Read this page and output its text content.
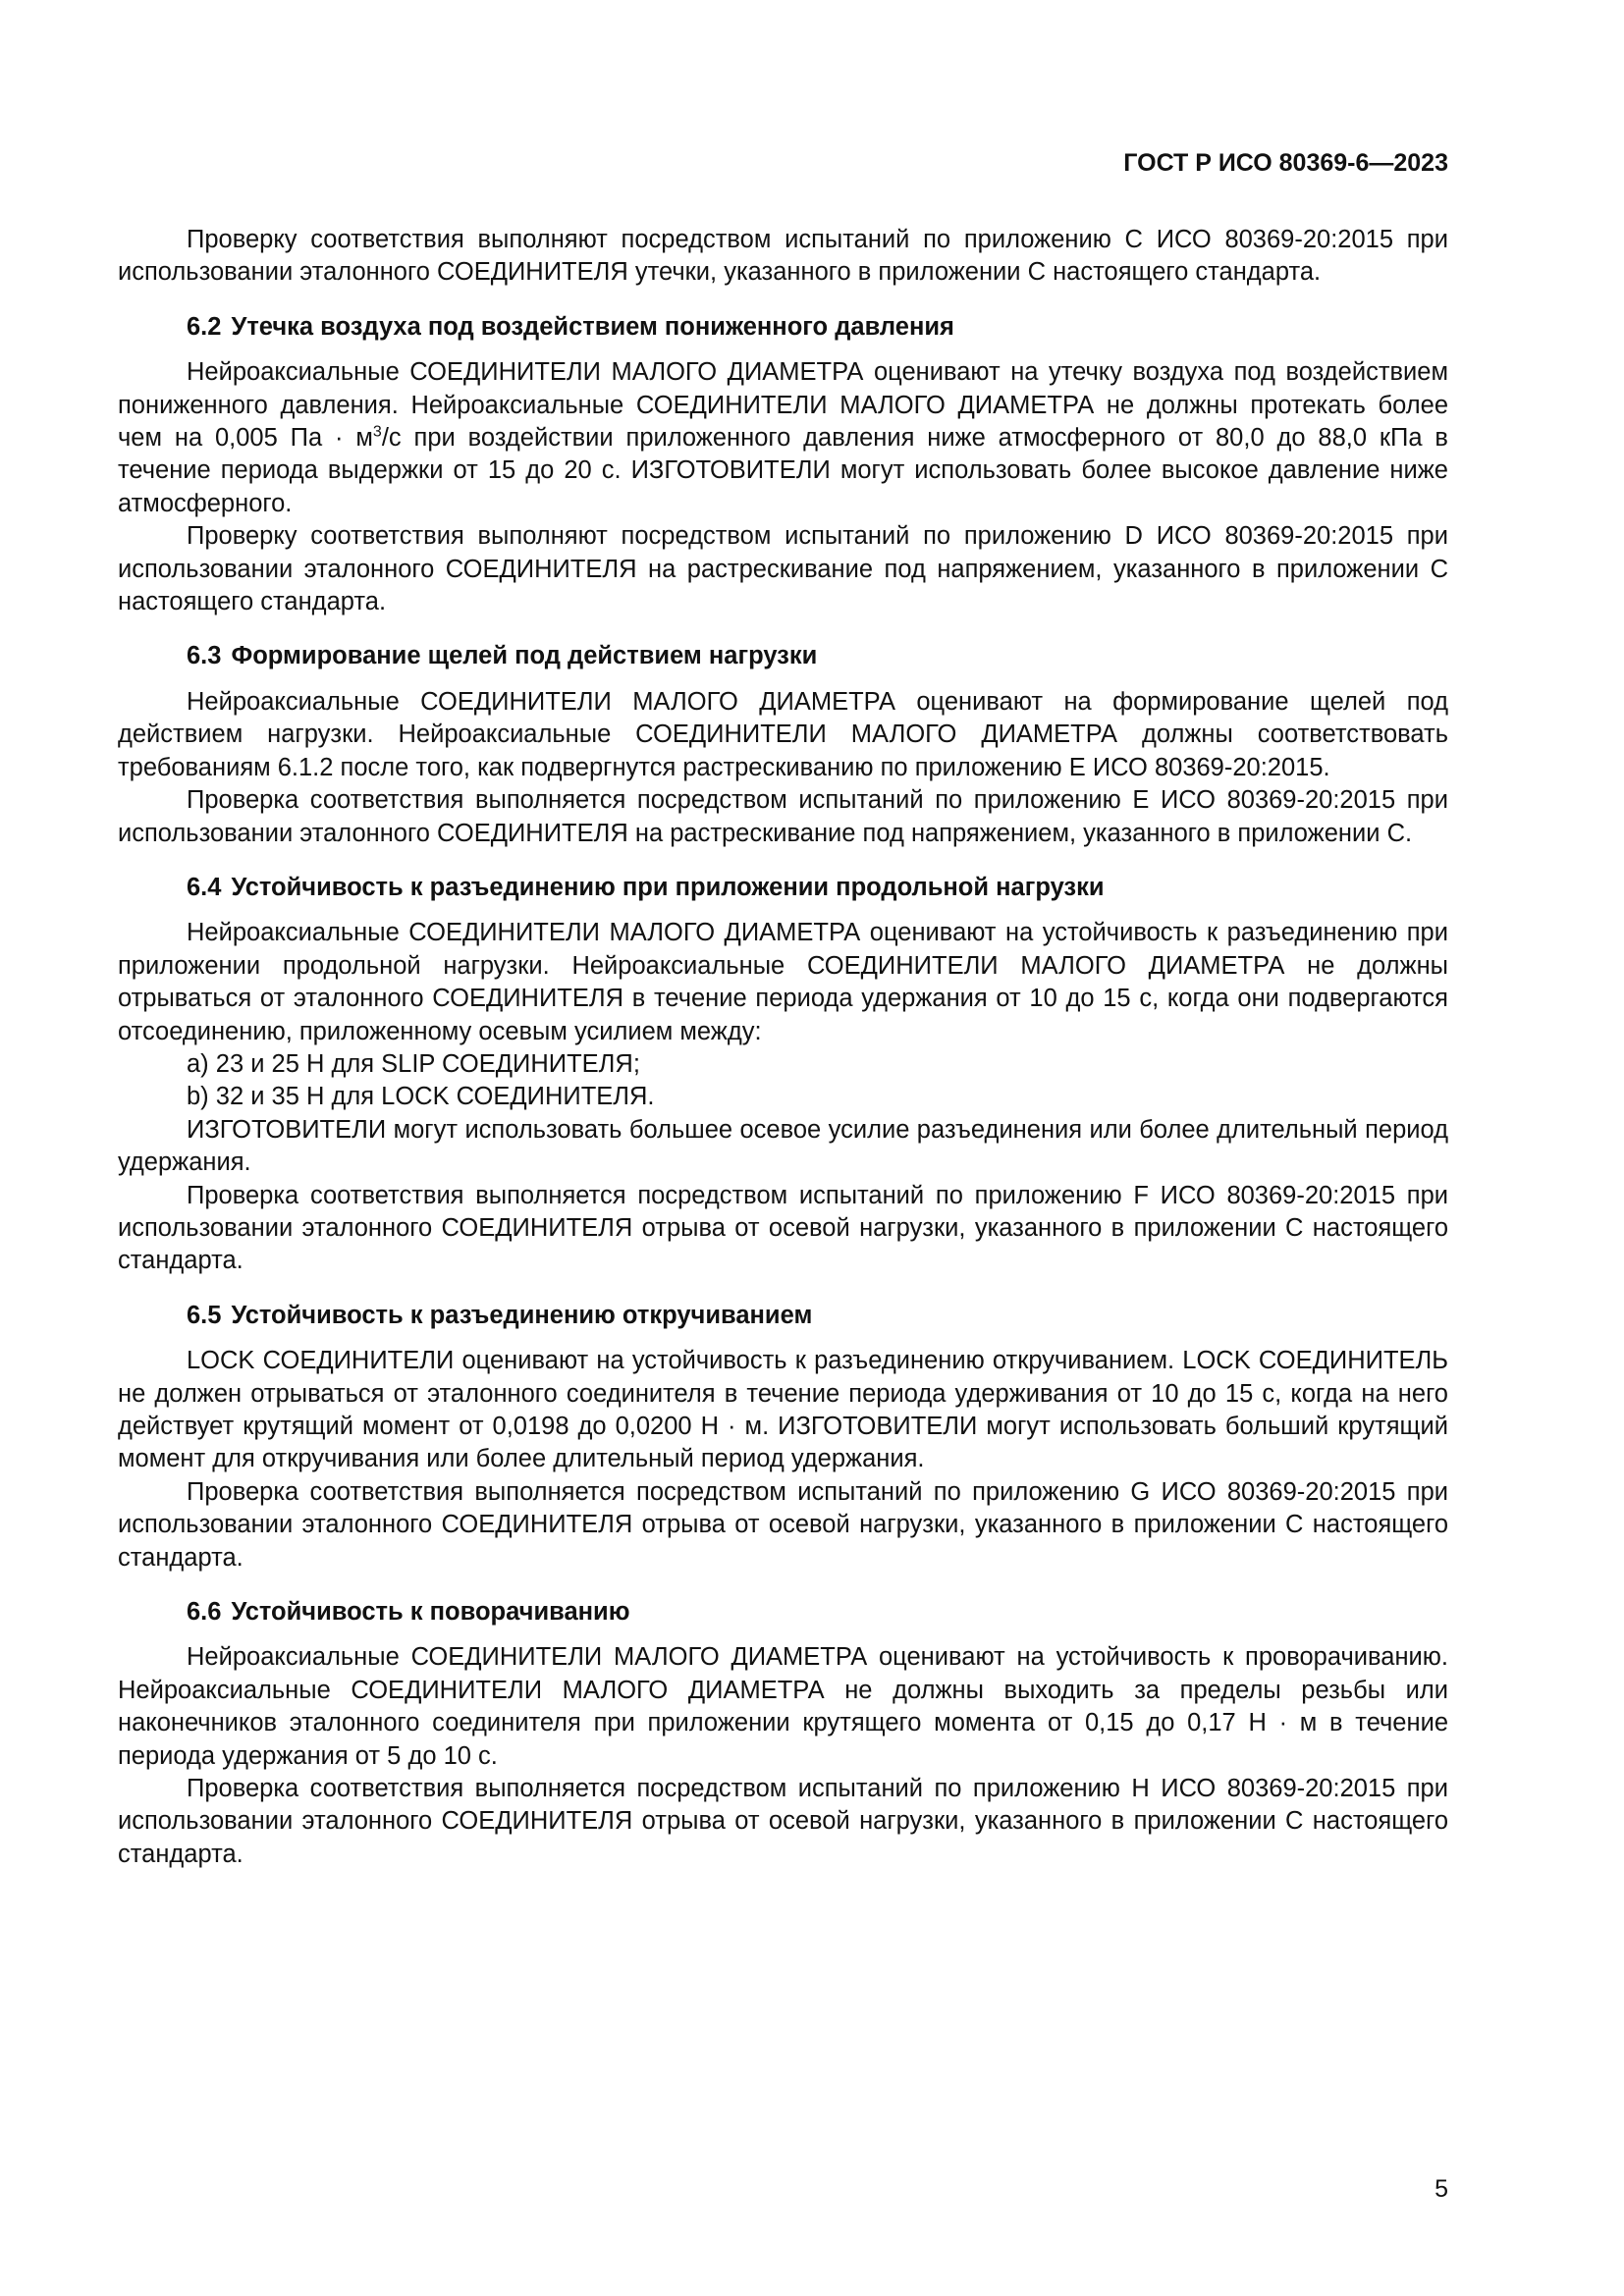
ГОСТ Р ИСО 80369-6—2023

Проверку соответствия выполняют посредством испытаний по приложению С ИСО 80369-20:2015 при использовании эталонного СОЕДИНИТЕЛЯ утечки, указанного в приложении С настоящего стандарта.

6.2 Утечка воздуха под воздействием пониженного давления

Нейроаксиальные СОЕДИНИТЕЛИ МАЛОГО ДИАМЕТРА оценивают на утечку воздуха под воздействием пониженного давления. Нейроаксиальные СОЕДИНИТЕЛИ МАЛОГО ДИАМЕТРА не должны протекать более чем на 0,005 Па · $м^3/с$ при воздействии приложенного давления ниже атмосферного от 80,0 до 88,0 кПа в течение периода выдержки от 15 до 20 с. ИЗГОТОВИТЕЛИ могут использовать более высокое давление ниже атмосферного.

Проверку соответствия выполняют посредством испытаний по приложению D ИСО 80369-20:2015 при использовании эталонного СОЕДИНИТЕЛЯ на растрескивание под напряжением, указанного в приложении С настоящего стандарта.

6.3 Формирование щелей под действием нагрузки

Нейроаксиальные СОЕДИНИТЕЛИ МАЛОГО ДИАМЕТРА оценивают на формирование щелей под действием нагрузки. Нейроаксиальные СОЕДИНИТЕЛИ МАЛОГО ДИАМЕТРА должны соответствовать требованиям 6.1.2 после того, как подвергнутся растрескиванию по приложению Е ИСО 80369-20:2015.

Проверка соответствия выполняется посредством испытаний по приложению Е ИСО 80369-20:2015 при использовании эталонного СОЕДИНИТЕЛЯ на растрескивание под напряжением, указанного в приложении С.

6.4 Устойчивость к разъединению при приложении продольной нагрузки

Нейроаксиальные СОЕДИНИТЕЛИ МАЛОГО ДИАМЕТРА оценивают на устойчивость к разъединению при приложении продольной нагрузки. Нейроаксиальные СОЕДИНИТЕЛИ МАЛОГО ДИАМЕТРА не должны отрываться от эталонного СОЕДИНИТЕЛЯ в течение периода удержания от 10 до 15 с, когда они подвергаются отсоединению, приложенному осевым усилием между:

a) 23 и 25 Н для SLIP СОЕДИНИТЕЛЯ;

b) 32 и 35 Н для LOCK СОЕДИНИТЕЛЯ.

ИЗГОТОВИТЕЛИ могут использовать большее осевое усилие разъединения или более длительный период удержания.

Проверка соответствия выполняется посредством испытаний по приложению F ИСО 80369-20:2015 при использовании эталонного СОЕДИНИТЕЛЯ отрыва от осевой нагрузки, указанного в приложении С настоящего стандарта.

6.5 Устойчивость к разъединению откручиванием

LOCK СОЕДИНИТЕЛИ оценивают на устойчивость к разъединению откручиванием. LOCK СОЕДИНИТЕЛЬ не должен отрываться от эталонного соединителя в течение периода удерживания от 10 до 15 с, когда на него действует крутящий момент от 0,0198 до 0,0200 Н · м. ИЗГОТОВИТЕЛИ могут использовать больший крутящий момент для откручивания или более длительный период удержания.

Проверка соответствия выполняется посредством испытаний по приложению G ИСО 80369-20:2015 при использовании эталонного СОЕДИНИТЕЛЯ отрыва от осевой нагрузки, указанного в приложении С настоящего стандарта.

6.6 Устойчивость к поворачиванию

Нейроаксиальные СОЕДИНИТЕЛИ МАЛОГО ДИАМЕТРА оценивают на устойчивость к проворачиванию. Нейроаксиальные СОЕДИНИТЕЛИ МАЛОГО ДИАМЕТРА не должны выходить за пределы резьбы или наконечников эталонного соединителя при приложении крутящего момента от 0,15 до 0,17 Н · м в течение периода удержания от 5 до 10 с.

Проверка соответствия выполняется посредством испытаний по приложению Н ИСО 80369-20:2015 при использовании эталонного СОЕДИНИТЕЛЯ отрыва от осевой нагрузки, указанного в приложении С настоящего стандарта.

5
